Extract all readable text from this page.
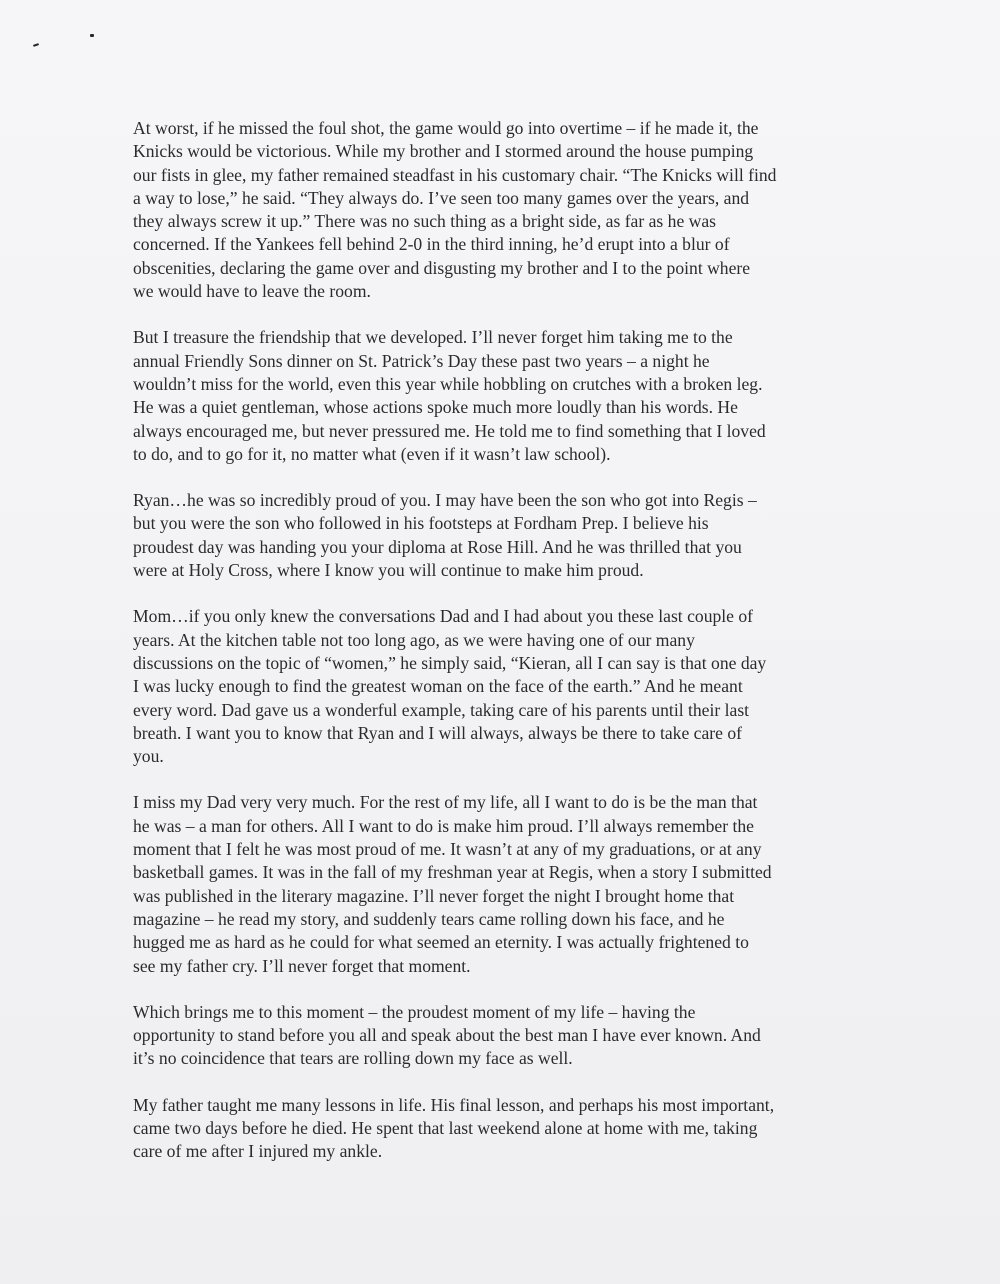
At worst, if he missed the foul shot, the game would go into overtime – if he made it, the
Knicks would be victorious. While my brother and I stormed around the house pumping
our fists in glee, my father remained steadfast in his customary chair. “The Knicks will find
a way to lose,” he said. “They always do. I’ve seen too many games over the years, and
they always screw it up.” There was no such thing as a bright side, as far as he was
concerned. If the Yankees fell behind 2-0 in the third inning, he’d erupt into a blur of
obscenities, declaring the game over and disgusting my brother and I to the point where
we would have to leave the room.

But I treasure the friendship that we developed. I’ll never forget him taking me to the
annual Friendly Sons dinner on St. Patrick’s Day these past two years – a night he
wouldn’t miss for the world, even this year while hobbling on crutches with a broken leg.
He was a quiet gentleman, whose actions spoke much more loudly than his words. He
always encouraged me, but never pressured me. He told me to find something that I loved
to do, and to go for it, no matter what (even if it wasn’t law school).

Ryan…he was so incredibly proud of you. I may have been the son who got into Regis –
but you were the son who followed in his footsteps at Fordham Prep. I believe his
proudest day was handing you your diploma at Rose Hill. And he was thrilled that you
were at Holy Cross, where I know you will continue to make him proud.

Mom…if you only knew the conversations Dad and I had about you these last couple of
years. At the kitchen table not too long ago, as we were having one of our many
discussions on the topic of “women,” he simply said, “Kieran, all I can say is that one day
I was lucky enough to find the greatest woman on the face of the earth.” And he meant
every word. Dad gave us a wonderful example, taking care of his parents until their last
breath. I want you to know that Ryan and I will always, always be there to take care of
you.

I miss my Dad very very much. For the rest of my life, all I want to do is be the man that
he was – a man for others. All I want to do is make him proud. I’ll always remember the
moment that I felt he was most proud of me. It wasn’t at any of my graduations, or at any
basketball games. It was in the fall of my freshman year at Regis, when a story I submitted
was published in the literary magazine. I’ll never forget the night I brought home that
magazine – he read my story, and suddenly tears came rolling down his face, and he
hugged me as hard as he could for what seemed an eternity. I was actually frightened to
see my father cry. I’ll never forget that moment.

Which brings me to this moment – the proudest moment of my life – having the
opportunity to stand before you all and speak about the best man I have ever known. And
it’s no coincidence that tears are rolling down my face as well.

My father taught me many lessons in life. His final lesson, and perhaps his most important,
came two days before he died. He spent that last weekend alone at home with me, taking
care of me after I injured my ankle.
